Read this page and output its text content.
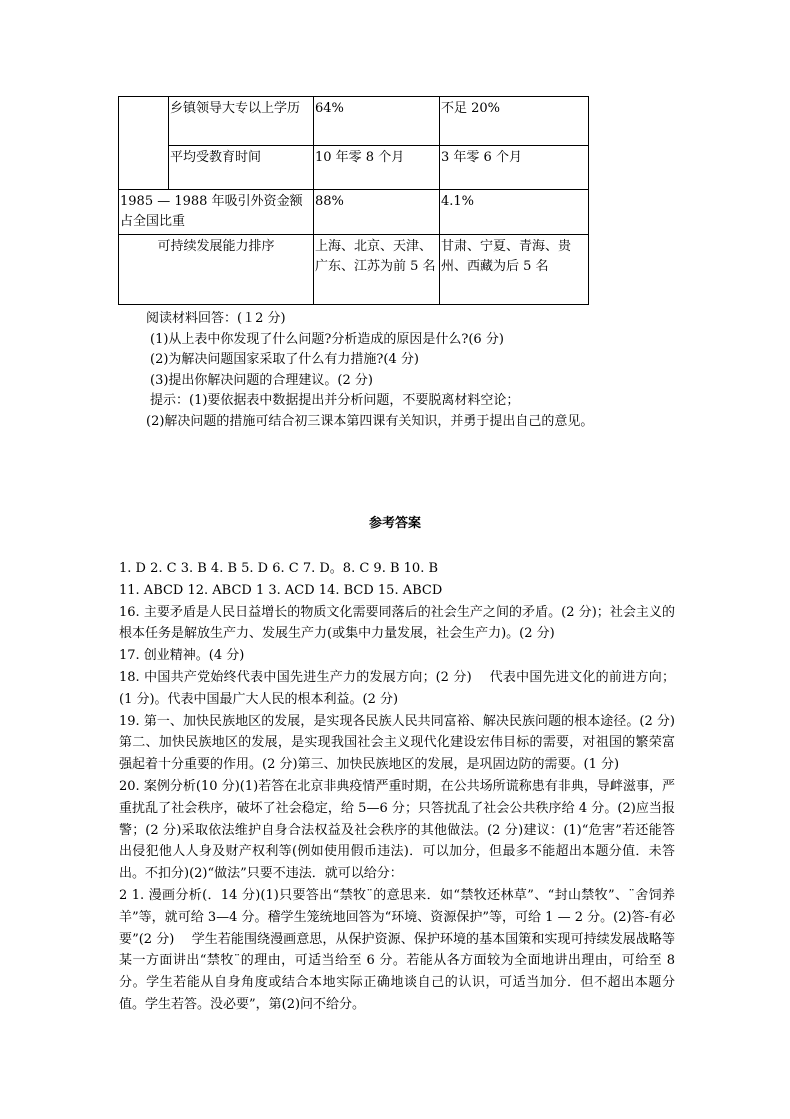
	乡镇领导大专以上学历	64%	不足 20%
	平均受教育时间	10 年零 8 个月	3 年零 6 个月
1985 — 1988 年吸引外资金额占全国比重		88%	4.1%
可持续发展能力排序		上海、北京、天津、广东、江苏为前 5 名	甘肃、宁夏、青海、贵州、西藏为后 5 名
阅读材料回答：(１2 分)
(1)从上表中你发现了什么问题?分析造成的原因是什么?(6 分)
(2)为解决问题国家采取了什么有力措施?(4 分)
(3)提出你解决问题的合理建议。(2 分)
提示：(1)要依据表中数据提出并分析问题，不要脱离材料空论；
(2)解决问题的措施可结合初三课本第四课有关知识，并勇于提出自己的意见。
参考答案

1. D 2. C 3. B 4. B 5. D 6. C 7. D。8. C 9. B 10. B

11. ABCD 12. ABCD 1 3. ACD 14. BCD 15. ABCD

16. 主要矛盾是人民日益增长的物质文化需要同落后的社会生产之间的矛盾。(2 分)；社会主义的根本任务是解放生产力、发展生产力(或集中力量发展，社会生产力)。(2 分)

17. 创业精神。(4 分)

18. 中国共产党始终代表中国先进生产力的发展方向；(2 分)　 代表中国先进文化的前进方向；(1 分)。代表中国最广大人民的根本利益。(2 分)

19. 第一、加快民族地区的发展，是实现各民族人民共同富裕、解决民族问题的根本途径。(2 分)　 第二、加快民族地区的发展，是实现我国社会主义现代化建设宏伟目标的需要，对祖国的繁荣富强起着十分重要的作用。(2 分)第三、加快民族地区的发展，是巩固边防的需要。(1 分)

20. 案例分析(10 分)(1)若答在北京非典疫情严重时期，在公共场所谎称患有非典，导衅滋事，严重扰乱了社会秩序，破坏了社会稳定，给 5—6 分；只答扰乱了社会公共秩序给 4 分。(2)应当报警；(2 分)采取依法维护自身合法权益及社会秩序的其他做法。(2 分)建议：(1)“危害”若还能答出侵犯他人人身及财产权利等(例如使用假币违法)．可以加分，但最多不能超出本题分值．未答出。不扣分)(2)“做法”只要不违法．就可以给分：

2 1. 漫画分析(．14 分)(1)只要答出“禁牧¨的意思来．如“禁牧还林草”、“封山禁牧”、¨舍饲养羊”等，就可给 3—4 分。稽学生笼统地回答为“环境、资源保护”等，可给 1 — 2 分。(2)答-有必要”(2 分)　 学生若能围绕漫画意思，从保护资源、保护环境的基本国策和实现可持续发展战略等某一方面讲出“禁牧¨的理由，可适当给至 6 分。若能从各方面较为全面地讲出理由，可给至 8 分。学生若能从自身角度或结合本地实际正确地谈自己的认识，可适当加分．但不超出本题分值。学生若答。没必要”，第(2)问不给分。
